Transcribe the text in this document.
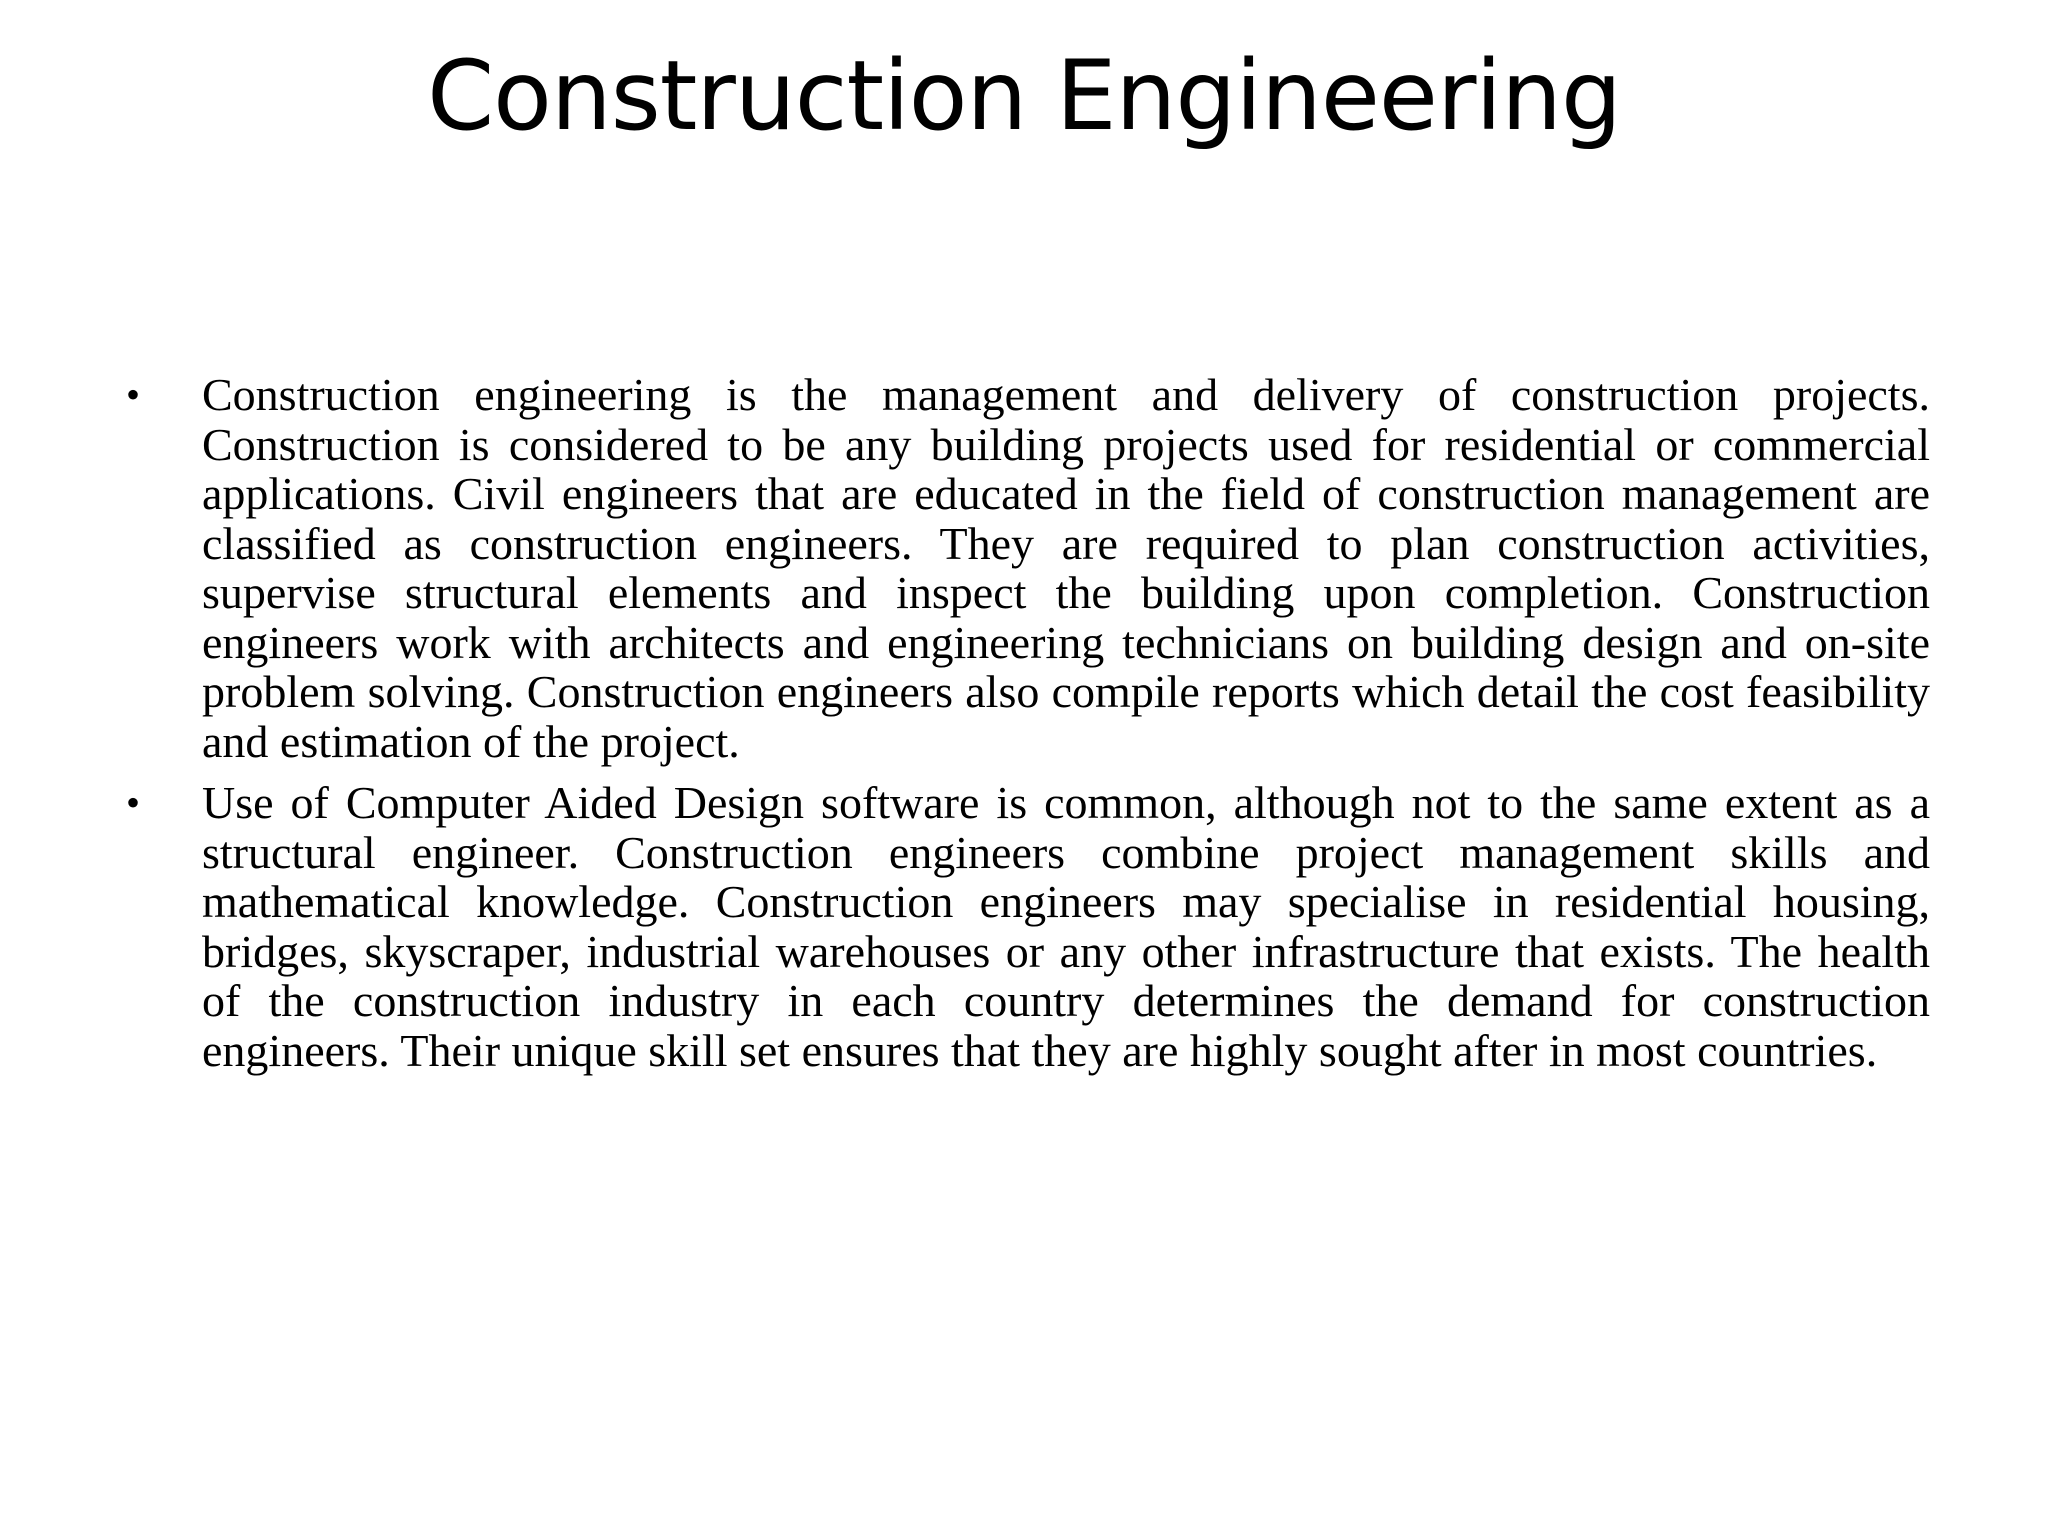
Construction Engineering
• Construction engineering is the management and delivery of construction projects. Construction is considered to be any building projects used for residential or commercial applications. Civil engineers that are educated in the field of construction management are classified as construction engineers. They are required to plan construction activities, supervise structural elements and inspect the building upon completion. Construction engineers work with architects and engineering technicians on building design and on-site problem solving. Construction engineers also compile reports which detail the cost feasibility and estimation of the project.
• Use of Computer Aided Design software is common, although not to the same extent as a structural engineer. Construction engineers combine project management skills and mathematical knowledge. Construction engineers may specialise in residential housing, bridges, skyscraper, industrial warehouses or any other infrastructure that exists. The health of the construction industry in each country determines the demand for construction engineers. Their unique skill set ensures that they are highly sought after in most countries.
